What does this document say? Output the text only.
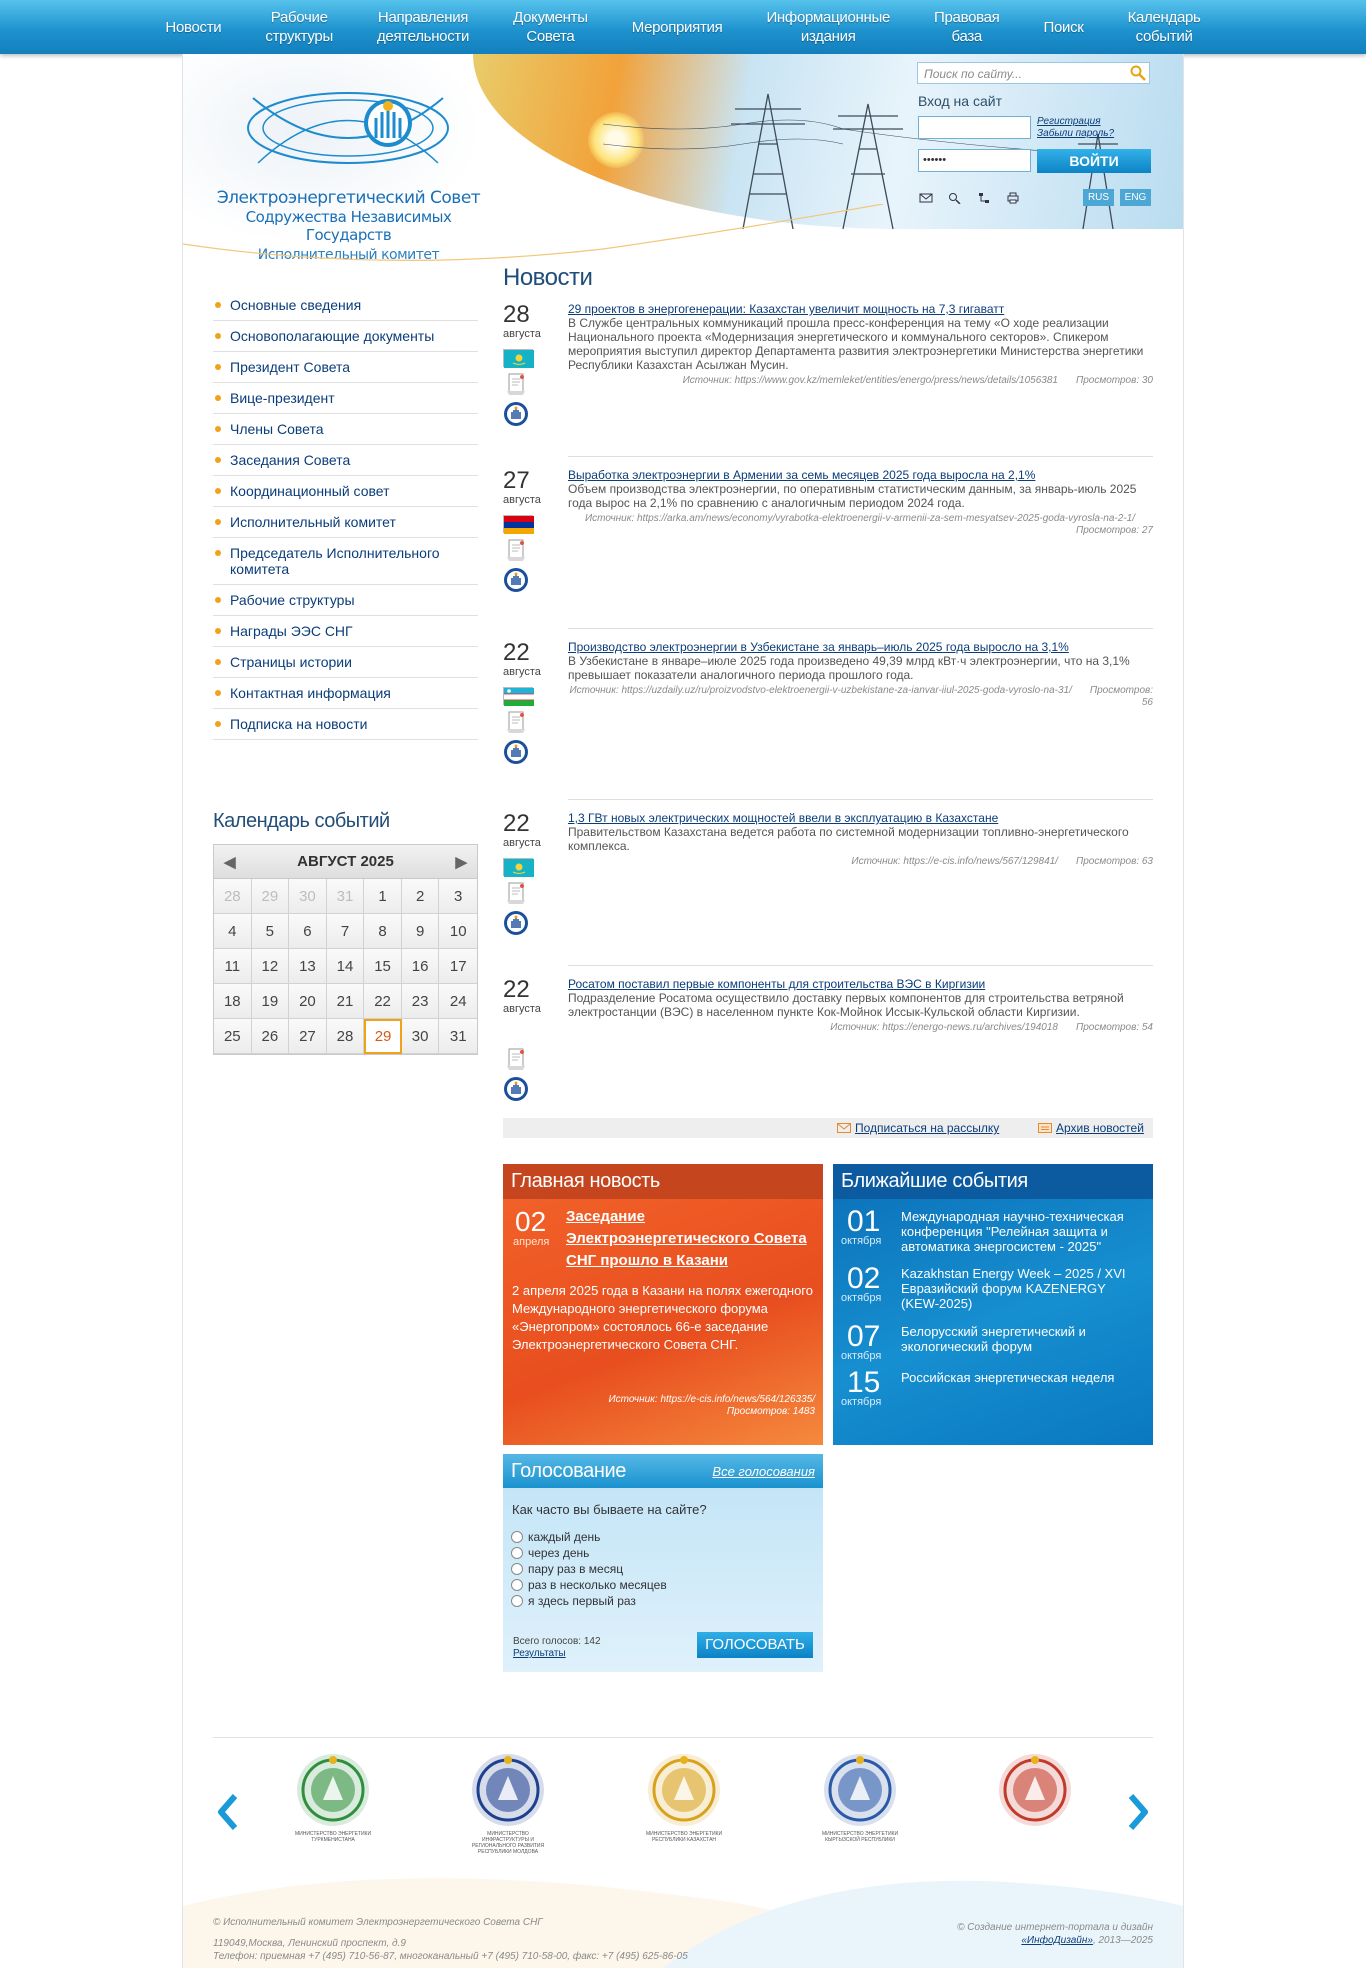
Новости
Рабочие
структуры
Направления
деятельности
Документы
Совета
Мероприятия
Информационные
издания
Правовая
база
Поиск
Календарь
событий
Электроэнергетический Совет
Содружества Независимых Государств
Исполнительный комитет
Поиск по сайту...
Вход на сайт
••••••
Регистрация
Забыли пароль?
ВОЙТИ
RUS	ENG
Основные сведения
Основополагающие документы
Президент Совета
Вице-президент
Члены Совета
Заседания Совета
Координационный совет
Исполнительный комитет
Председатель Исполнительного комитета
Рабочие структуры
Награды ЭЭС СНГ
Страницы истории
Контактная информация
Подписка на новости
Календарь событий
◀	АВГУСТ 2025	▶
28	29	30	31	1	2	3
4	5	6	7	8	9	10
11	12	13	14	15	16	17
18	19	20	21	22	23	24
25	26	27	28	29	30	31
Новости
28
августа
29 проектов в энергогенерации: Казахстан увеличит мощность на 7,3 гигаватт
В Службе центральных коммуникаций прошла пресс-конференция на тему «О ходе реализации Национального проекта «Модернизация энергетического и коммунального секторов». Спикером мероприятия выступил директор Департамента развития электроэнергетики Министерства энергетики Республики Казахстан Асылжан Мусин.
Источник: https://www.gov.kz/memleket/entities/energo/press/news/details/1056381 Просмотров: 30
27
августа
Выработка электроэнергии в Армении за семь месяцев 2025 года выросла на 2,1%
Объем производства электроэнергии, по оперативным статистическим данным, за январь-июль 2025 года вырос на 2,1% по сравнению с аналогичным периодом 2024 года.
Источник: https://arka.am/news/economy/vyrabotka-elektroenergii-v-armenii-za-sem-mesyatsev-2025-goda-vyrosla-na-2-1/Просмотров: 27
22
августа
Производство электроэнергии в Узбекистане за январь–июль 2025 года выросло на 3,1%
В Узбекистане в январе–июле 2025 года произведено 49,39 млрд кВт·ч электроэнергии, что на 3,1% превышает показатели аналогичного периода прошлого года.
Источник: https://uzdaily.uz/ru/proizvodstvo-elektroenergii-v-uzbekistane-za-ianvar-iiul-2025-goda-vyroslo-na-31/ Просмотров: 56
22
августа
1,3 ГВт новых электрических мощностей ввели в эксплуатацию в Казахстане
Правительством Казахстана ведется работа по системной модернизации топливно-энергетического комплекса.
Источник: https://e-cis.info/news/567/129841/ Просмотров: 63
22
августа
Росатом поставил первые компоненты для строительства ВЭС в Киргизии
Подразделение Росатома осуществило доставку первых компонентов для строительства ветряной электростанции (ВЭС) в населенном пункте Кок-Мойнок Иссык-Кульской области Киргизии.
Источник: https://energo-news.ru/archives/194018 Просмотров: 54
Подписаться на рассылку	Архив новостей
Главная новость
02
апреля
Заседание Электроэнергетического Совета СНГ прошло в Казани
2 апреля 2025 года в Казани на полях ежегодного Международного энергетического форума «Энергопром» состоялось 66-е заседание Электроэнергетического Совета СНГ.
Источник: https://e-cis.info/news/564/126335/
Просмотров: 1483
Ближайшие события
01
октября
Международная научно-техническая конференция "Релейная защита и автоматика энергосистем - 2025"
02
октября
Kazakhstan Energy Week – 2025 / XVI Евразийский форум KAZENERGY (KEW-2025)
07
октября
Белорусский энергетический и экологический форум
15
октября
Российская энергетическая неделя
Голосование	Все голосования
Как часто вы бываете на сайте?
каждый день
через день
пару раз в месяц
раз в несколько месяцев
я здесь первый раз
Всего голосов: 142
Результаты
ГОЛОСОВАТЬ
МИНИСТЕРСТВО ЭНЕРГЕТИКИ ТУРКМЕНИСТАНА
МИНИСТЕРСТВО ИНФРАСТРУКТУРЫ И РЕГИОНАЛЬНОГО РАЗВИТИЯ РЕСПУБЛИКИ МОЛДОВА
МИНИСТЕРСТВО ЭНЕРГЕТИКИ РЕСПУБЛИКИ КАЗАХСТАН
МИНИСТЕРСТВО ЭНЕРГЕТИКИ КЫРГЫЗСКОЙ РЕСПУБЛИКИ
© Исполнительный комитет Электроэнергетического Совета СНГ
119049,Москва, Ленинский проспект, д.9
Телефон: приемная +7 (495) 710-56-87, многоканальный +7 (495) 710-58-00, факс: +7 (495) 625-86-05
© Создание интернет-портала и дизайн
«ИнфоДизайн», 2013—2025
